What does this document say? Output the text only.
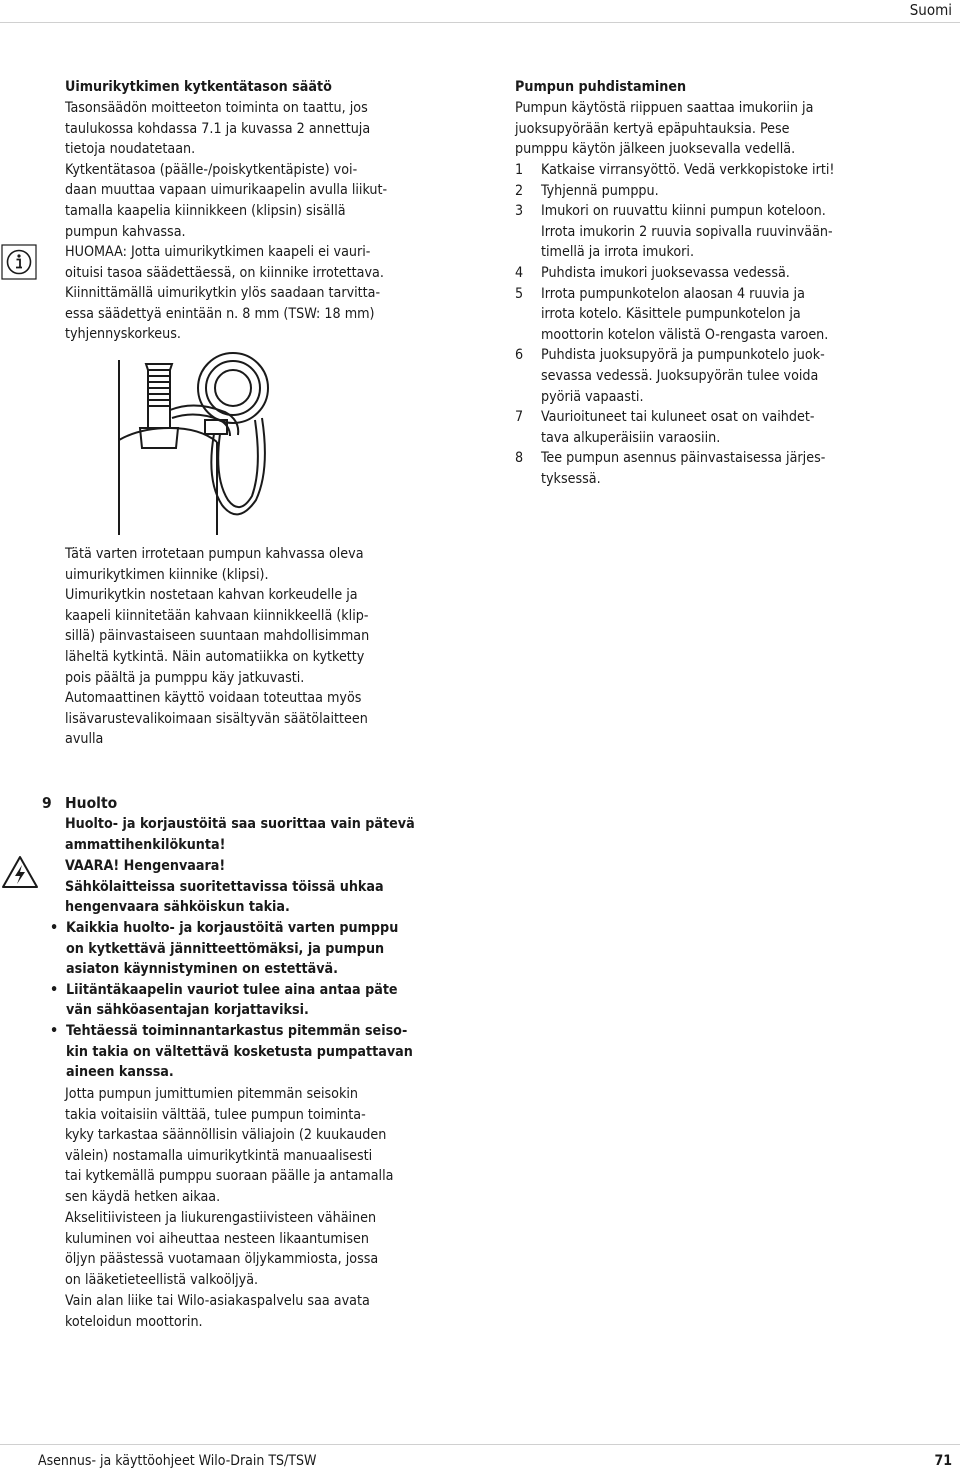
Suomi
Uimurikytkimen kytkentätason säätö

Tasonsäädön moitteeton toiminta on taattu, jos
taulukossa kohdassa 7.1 ja kuvassa 2 annettuja
tietoja noudatetaan.
Kytkentätasoa (päälle-/poiskytkentäpiste) voi-
daan muuttaa vapaan uimurikaapelin avulla liikut-
tamalla kaapelia kiinnikkeen (klipsin) sisällä
pumpun kahvassa.

HUOMAA: Jotta uimurikytkimen kaapeli ei vauri-
oituisi tasoa säädettäessä, on kiinnike irrotettava.
Kiinnittämällä uimurikytkin ylös saadaan tarvitta-
essa säädettyä enintään n. 8 mm (TSW: 18 mm)
tyhjennyskorkeus.

Tätä varten irrotetaan pumpun kahvassa oleva
uimurikytkimen kiinnike (klipsi).
Uimurikytkin nostetaan kahvan korkeudelle ja
kaapeli kiinnitetään kahvaan kiinnikkeellä (klip-
sillä) päinvastaiseen suuntaan mahdollisimman
läheltä kytkintä. Näin automatiikka on kytketty
pois päältä ja pumppu käy jatkuvasti.
Automaattinen käyttö voidaan toteuttaa myös
lisävarustevalikoimaan sisältyvän säätölaitteen
avulla

Pumpun puhdistaminen

Pumpun käytöstä riippuen saattaa imukoriin ja
juoksupyörään kertyä epäpuhtauksia. Pese
pumppu käytön jälkeen juoksevalla vedellä.

1 Katkaise virransyöttö. Vedä verkkopistoke irti!
2 Tyhjennä pumppu.
3 Imukori on ruuvattu kiinni pumpun koteloon.
Irrota imukorin 2 ruuvia sopivalla ruuvinvään-
timellä ja irrota imukori.
4 Puhdista imukori juoksevassa vedessä.
5 Irrota pumpunkotelon alaosan 4 ruuvia ja
irrota kotelo. Käsittele pumpunkotelon ja
moottorin kotelon välistä O-rengasta varoen.
6 Puhdista juoksupyörä ja pumpunkotelo juok-
sevassa vedessä. Juoksupyörän tulee voida
pyöriä vapaasti.
7 Vaurioituneet tai kuluneet osat on vaihdet-
tava alkuperäisiin varaosiin.
8 Tee pumpun asennus päinvastaisessa järjes-
tyksessä.
9 Huolto

Huolto- ja korjaustöitä saa suorittaa vain pätevä
ammattihenkilökunta!

VAARA! Hengenvaara!
Sähkölaitteissa suoritettavissa töissä uhkaa
hengenvaara sähköiskun takia.

• Kaikkia huolto- ja korjaustöitä varten pumppu
on kytkettävä jännitteettömäksi, ja pumpun
asiaton käynnistyminen on estettävä.
• Liitäntäkaapelin vauriot tulee aina antaa päte
vän sähköasentajan korjattaviksi.
• Tehtäessä toiminnantarkastus pitemmän seiso-
kin takia on vältettävä kosketusta pumpattavan
aineen kanssa.

Jotta pumpun jumittumien pitemmän seisokin
takia voitaisiin välttää, tulee pumpun toiminta-
kyky tarkastaa säännöllisin väliajoin (2 kuukauden
välein) nostamalla uimurikytkintä manuaalisesti
tai kytkemällä pumppu suoraan päälle ja antamalla
sen käydä hetken aikaa.

Akselitiivisteen ja liukurengastiivisteen vähäinen
kuluminen voi aiheuttaa nesteen likaantumisen
öljyn päästessä vuotamaan öljykammiosta, jossa
on lääketieteellistä valkoöljyä.

Vain alan liike tai Wilo-asiakaspalvelu saa avata
koteloidun moottorin.

Asennus- ja käyttöohjeet Wilo-Drain TS/TSW	71
